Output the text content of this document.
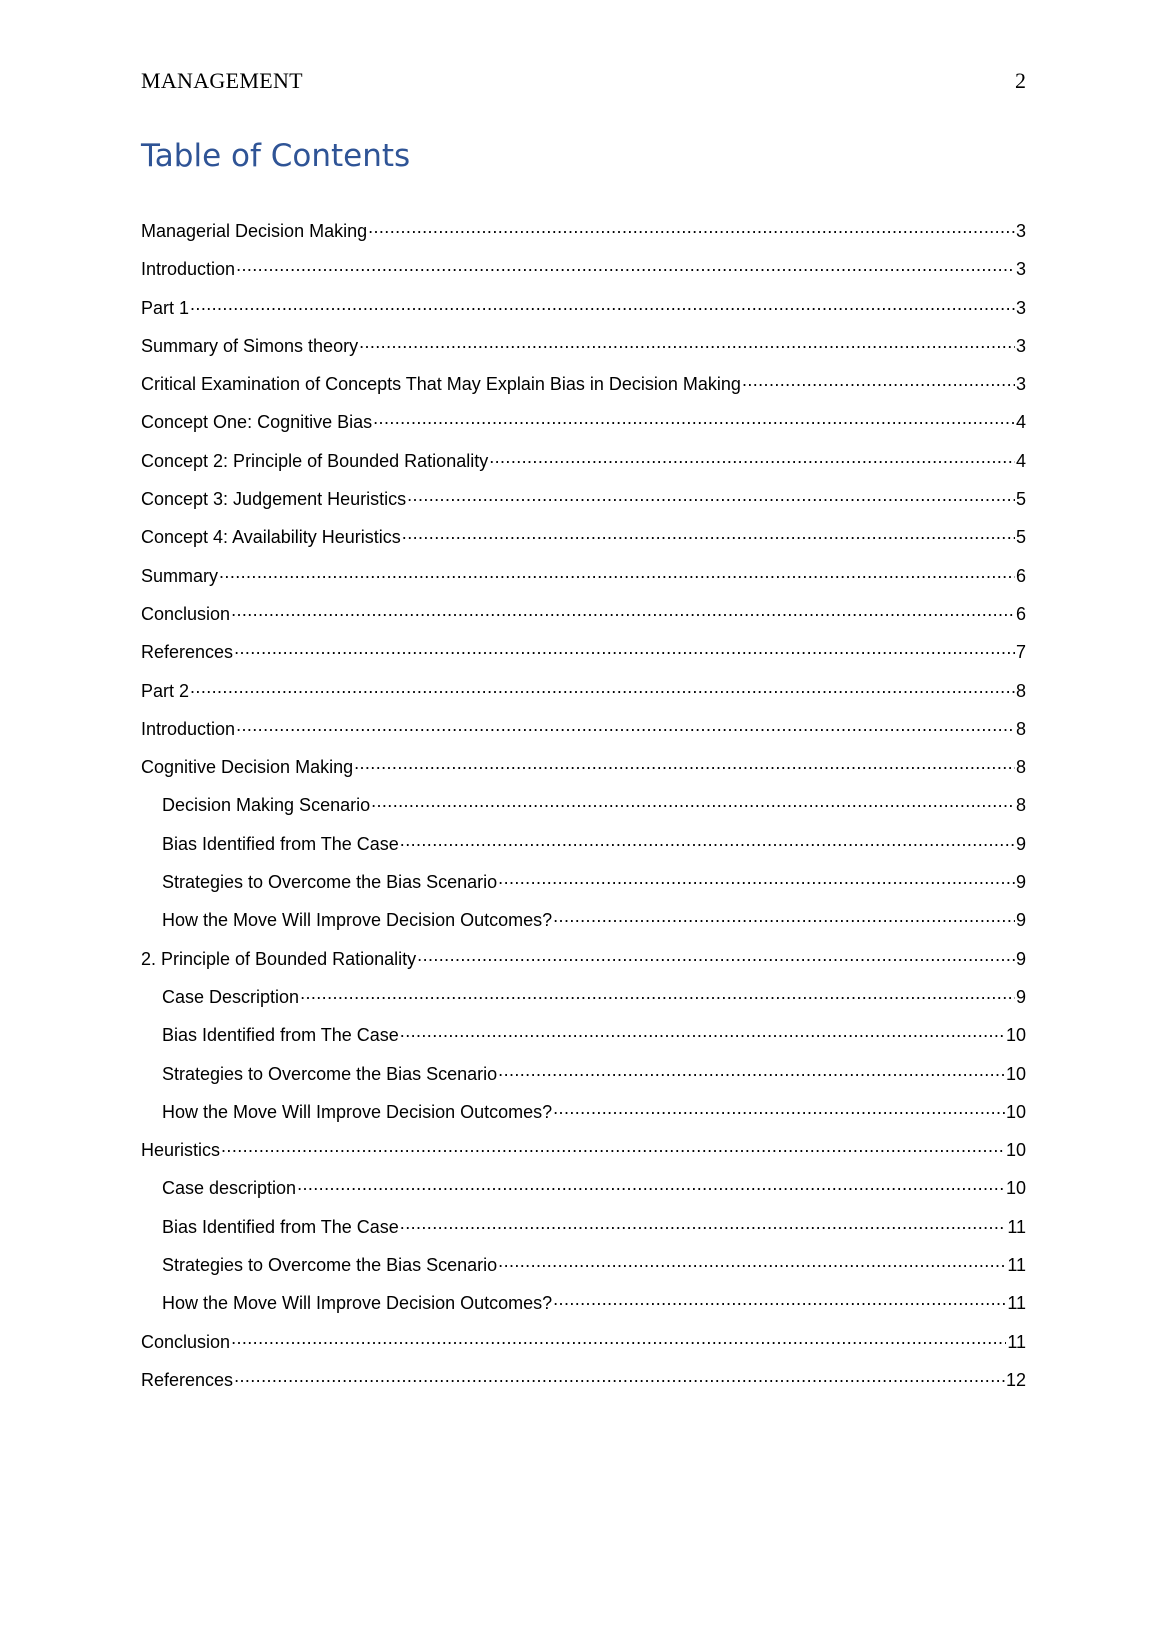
MANAGEMENT	2
Table of Contents
Managerial Decision Making .....	3
Introduction .....	3
Part 1 .....	3
Summary of Simons theory .....	3
Critical Examination of Concepts That May Explain Bias in Decision Making .....	3
Concept One: Cognitive Bias .....	4
Concept 2: Principle of Bounded Rationality .....	4
Concept 3: Judgement Heuristics .....	5
Concept 4: Availability Heuristics .....	5
Summary .....	6
Conclusion .....	6
References .....	7
Part 2 .....	8
Introduction .....	8
Cognitive Decision Making .....	8
Decision Making Scenario .....	8
Bias Identified from The Case .....	9
Strategies to Overcome the Bias Scenario .....	9
How the Move Will Improve Decision Outcomes? .....	9
2. Principle of Bounded Rationality .....	9
Case Description .....	9
Bias Identified from The Case .....	10
Strategies to Overcome the Bias Scenario .....	10
How the Move Will Improve Decision Outcomes? .....	10
Heuristics .....	10
Case description .....	10
Bias Identified from The Case .....	11
Strategies to Overcome the Bias Scenario .....	11
How the Move Will Improve Decision Outcomes? .....	11
Conclusion .....	11
References .....	12
